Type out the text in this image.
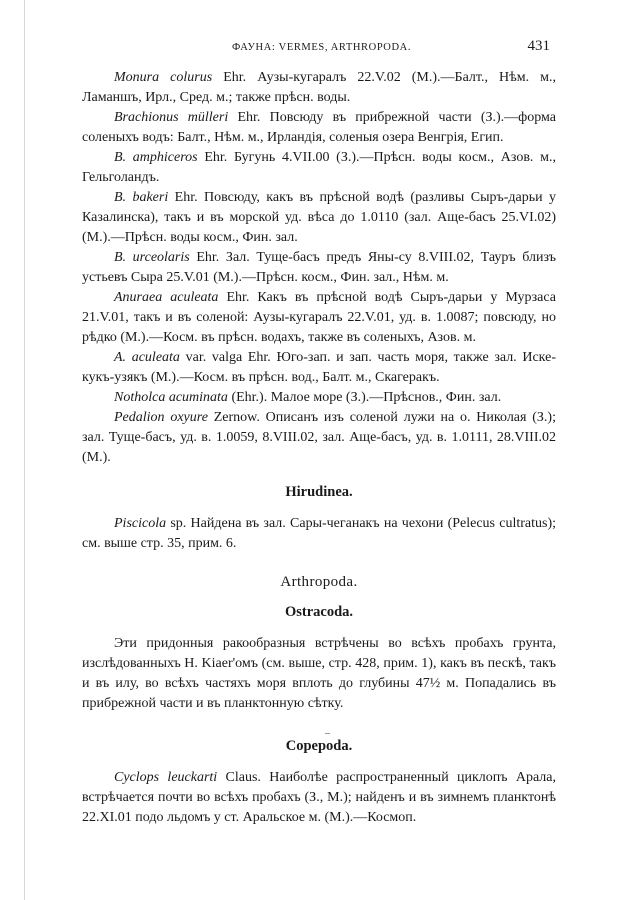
ФАУНА: VERMES, ARTHROPODA.	431

Monura colurus Ehr. Аузы-кугаралъ 22.V.02 (М.).—Балт., Нѣм. м., Ламаншъ, Ирл., Сред. м.; также прѣсн. воды.

Brachionus mülleri Ehr. Повсюду въ прибрежной части (З.).—форма соленыхъ водъ: Балт., Нѣм. м., Ирландія, соленыя озера Венгрія, Егип.

B. amphiceros Ehr. Бугунь 4.VII.00 (З.).—Прѣсн. воды косм., Азов. м., Гельголандъ.

B. bakeri Ehr. Повсюду, какъ въ прѣсной водѣ (разливы Сыръ-дарьи у Казалинска), такъ и въ морской уд. вѣса до 1.0110 (зал. Аще-басъ 25.VI.02) (М.).—Прѣсн. воды косм., Фин. зал.

B. urceolaris Ehr. Зал. Туще-басъ предъ Яны-су 8.VIII.02, Тауръ близъ устьевъ Сыра 25.V.01 (М.).—Прѣсн. косм., Фин. зал., Нѣм. м.

Anuraea aculeata Ehr. Какъ въ прѣсной водѣ Сыръ-дарьи у Мурзаса 21.V.01, такъ и въ соленой: Аузы-кугаралъ 22.V.01, уд. в. 1.0087; повсюду, но рѣдко (М.).—Косм. въ прѣсн. водахъ, также въ соленыхъ, Азов. м.

A. aculeata var. valga Ehr. Юго-зап. и зап. часть моря, также зал. Иске-кукъ-узякъ (М.).—Косм. въ прѣсн. вод., Балт. м., Скагеракъ.

Notholca acuminata (Ehr.). Малое море (З.).—Прѣснов., Фин. зал.

Pedalion oxyure Zernow. Описанъ изъ соленой лужи на о. Николая (З.); зал. Туще-басъ, уд. в. 1.0059, 8.VIII.02, зал. Аще-басъ, уд. в. 1.0111, 28.VIII.02 (М.).

Hirudinea.

Piscicola sp. Найдена въ зал. Сары-чеганакъ на чехони (Pelecus cultratus); см. выше стр. 35, прим. 6.

Arthropoda.

Ostracoda.

Эти придонныя ракообразныя встрѣчены во всѣхъ пробахъ грунта, изслѣдованныхъ Н. Kiaer'омъ (см. выше, стр. 428, прим. 1), какъ въ пескѣ, такъ и въ илу, во всѣхъ частяхъ моря вплоть до глубины 47½ м. Попадались въ прибрежной части и въ планктонную сѣтку.

Copepoda.

Cyclops leuckarti Claus. Наиболѣе распространенный циклопъ Арала, встрѣчается почти во всѣхъ пробахъ (З., М.); найденъ и въ зимнемъ планктонѣ 22.XI.01 подо льдомъ у ст. Аральское м. (М.).—Космоп.
